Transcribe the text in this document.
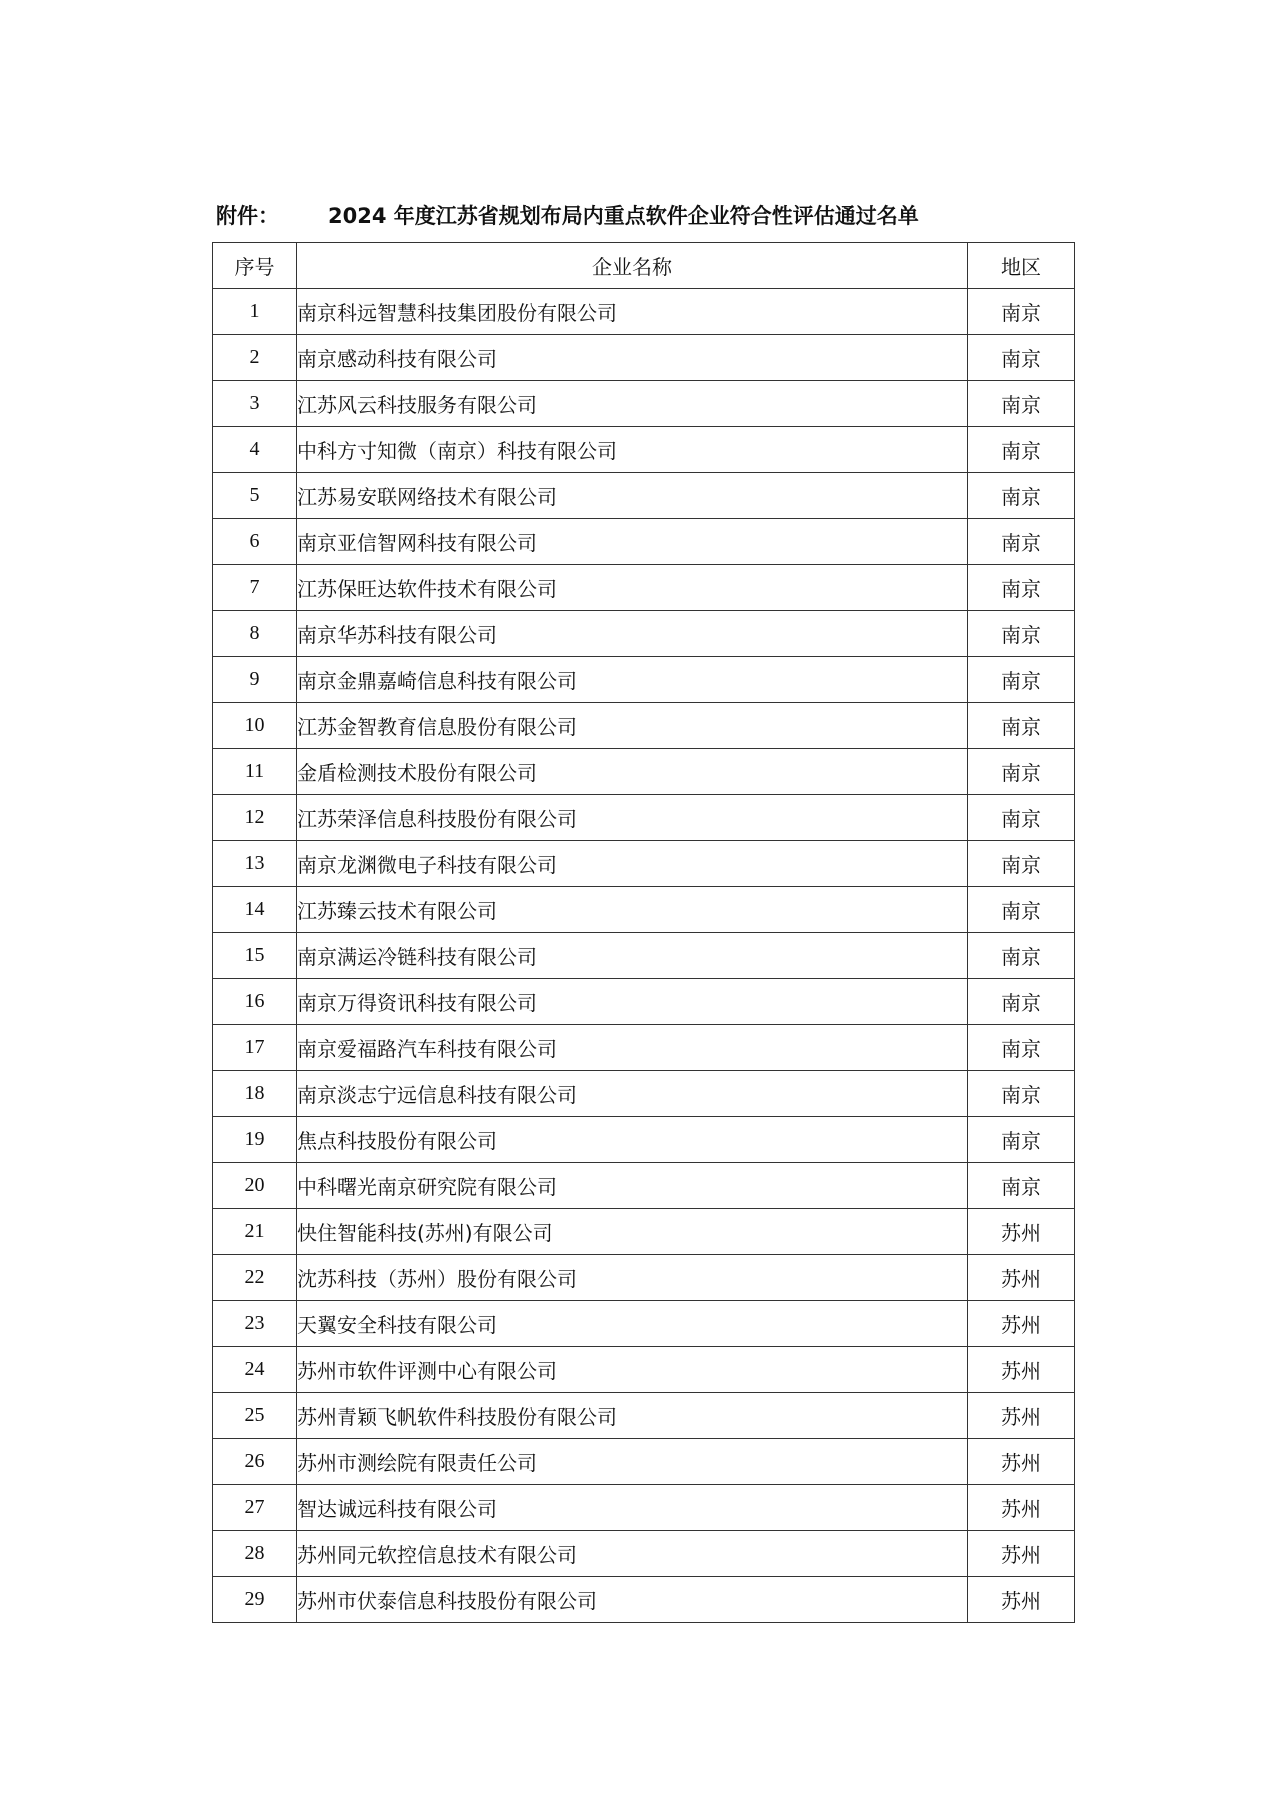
附件： 2024 年度江苏省规划布局内重点软件企业符合性评估通过名单
序号	企业名称	地区
1	南京科远智慧科技集团股份有限公司	南京
2	南京感动科技有限公司	南京
3	江苏风云科技服务有限公司	南京
4	中科方寸知微（南京）科技有限公司	南京
5	江苏易安联网络技术有限公司	南京
6	南京亚信智网科技有限公司	南京
7	江苏保旺达软件技术有限公司	南京
8	南京华苏科技有限公司	南京
9	南京金鼎嘉崎信息科技有限公司	南京
10	江苏金智教育信息股份有限公司	南京
11	金盾检测技术股份有限公司	南京
12	江苏荣泽信息科技股份有限公司	南京
13	南京龙渊微电子科技有限公司	南京
14	江苏臻云技术有限公司	南京
15	南京满运冷链科技有限公司	南京
16	南京万得资讯科技有限公司	南京
17	南京爱福路汽车科技有限公司	南京
18	南京淡志宁远信息科技有限公司	南京
19	焦点科技股份有限公司	南京
20	中科曙光南京研究院有限公司	南京
21	快住智能科技(苏州)有限公司	苏州
22	沈苏科技（苏州）股份有限公司	苏州
23	天翼安全科技有限公司	苏州
24	苏州市软件评测中心有限公司	苏州
25	苏州青颖飞帆软件科技股份有限公司	苏州
26	苏州市测绘院有限责任公司	苏州
27	智达诚远科技有限公司	苏州
28	苏州同元软控信息技术有限公司	苏州
29	苏州市伏泰信息科技股份有限公司	苏州
